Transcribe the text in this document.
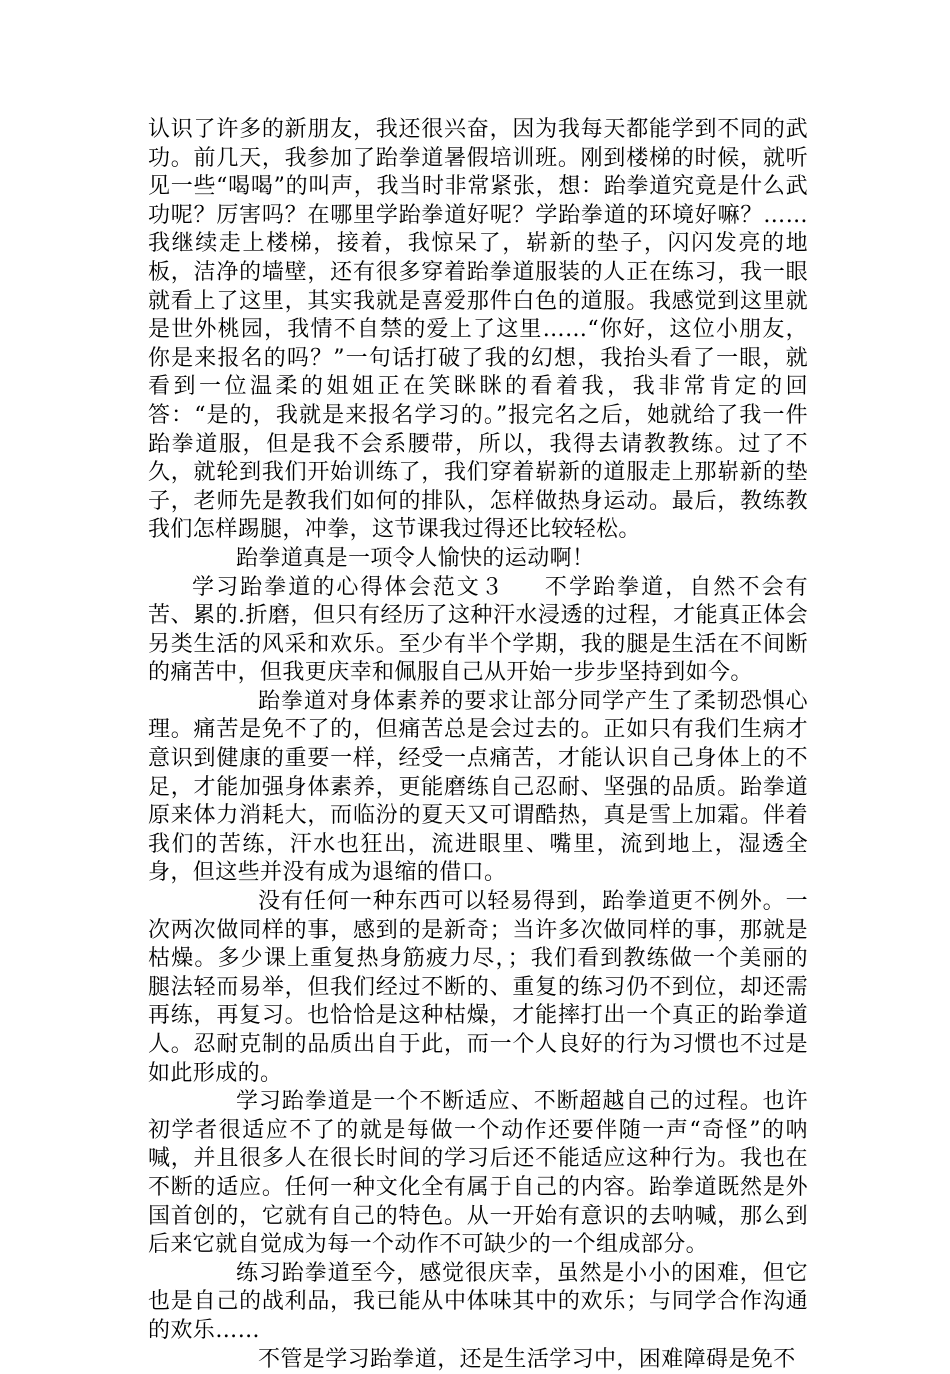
认识了许多的新朋友，我还很兴奋，因为我每天都能学到不同的武功。前几天，我参加了跆拳道暑假培训班。刚到楼梯的时候，就听见一些“喝喝”的叫声，我当时非常紧张，想：跆拳道究竟是什么武功呢？厉害吗？在哪里学跆拳道好呢？学跆拳道的环境好嘛？……我继续走上楼梯，接着，我惊呆了，崭新的垫子，闪闪发亮的地板，洁净的墙壁，还有很多穿着跆拳道服装的人正在练习，我一眼就看上了这里，其实我就是喜爱那件白色的道服。我感觉到这里就是世外桃园，我情不自禁的爱上了这里……“你好，这位小朋友，你是来报名的吗？”一句话打破了我的幻想，我抬头看了一眼，就看到一位温柔的姐姐正在笑眯眯的看着我，我非常肯定的回答：“是的，我就是来报名学习的。”报完名之后，她就给了我一件跆拳道服，但是我不会系腰带，所以，我得去请教教练。过了不久，就轮到我们开始训练了，我们穿着崭新的道服走上那崭新的垫子，老师先是教我们如何的排队，怎样做热身运动。最后，教练教我们怎样踢腿，冲拳，这节课我过得还比较轻松。

跆拳道真是一项令人愉快的运动啊！

学习跆拳道的心得体会范文３ 不学跆拳道，自然不会有苦、累的.折磨，但只有经历了这种汗水浸透的过程，才能真正体会另类生活的风采和欢乐。至少有半个学期，我的腿是生活在不间断的痛苦中，但我更庆幸和佩服自己从开始一步步坚持到如今。

跆拳道对身体素养的要求让部分同学产生了柔韧恐惧心理。痛苦是免不了的，但痛苦总是会过去的。正如只有我们生病才意识到健康的重要一样，经受一点痛苦，才能认识自己身体上的不足，才能加强身体素养，更能磨练自己忍耐、坚强的品质。跆拳道原来体力消耗大，而临汾的夏天又可谓酷热，真是雪上加霜。伴着我们的苦练，汗水也狂出，流进眼里、嘴里，流到地上，湿透全身，但这些并没有成为退缩的借口。

没有任何一种东西可以轻易得到，跆拳道更不例外。一次两次做同样的事，感到的是新奇；当许多次做同样的事，那就是枯燥。多少课上重复热身筋疲力尽，；我们看到教练做一个美丽的腿法轻而易举，但我们经过不断的、重复的练习仍不到位，却还需再练，再复习。也恰恰是这种枯燥，才能摔打出一个真正的跆拳道人。忍耐克制的品质出自于此，而一个人良好的行为习惯也不过是如此形成的。

学习跆拳道是一个不断适应、不断超越自己的过程。也许初学者很适应不了的就是每做一个动作还要伴随一声“奇怪”的呐喊，并且很多人在很长时间的学习后还不能适应这种行为。我也在不断的适应。任何一种文化全有属于自己的内容。跆拳道既然是外国首创的，它就有自己的特色。从一开始有意识的去呐喊，那么到后来它就自觉成为每一个动作不可缺少的一个组成部分。

练习跆拳道至今，感觉很庆幸，虽然是小小的困难，但它也是自己的战利品，我已能从中体味其中的欢乐；与同学合作沟通的欢乐……

不管是学习跆拳道，还是生活学习中，困难障碍是免不
